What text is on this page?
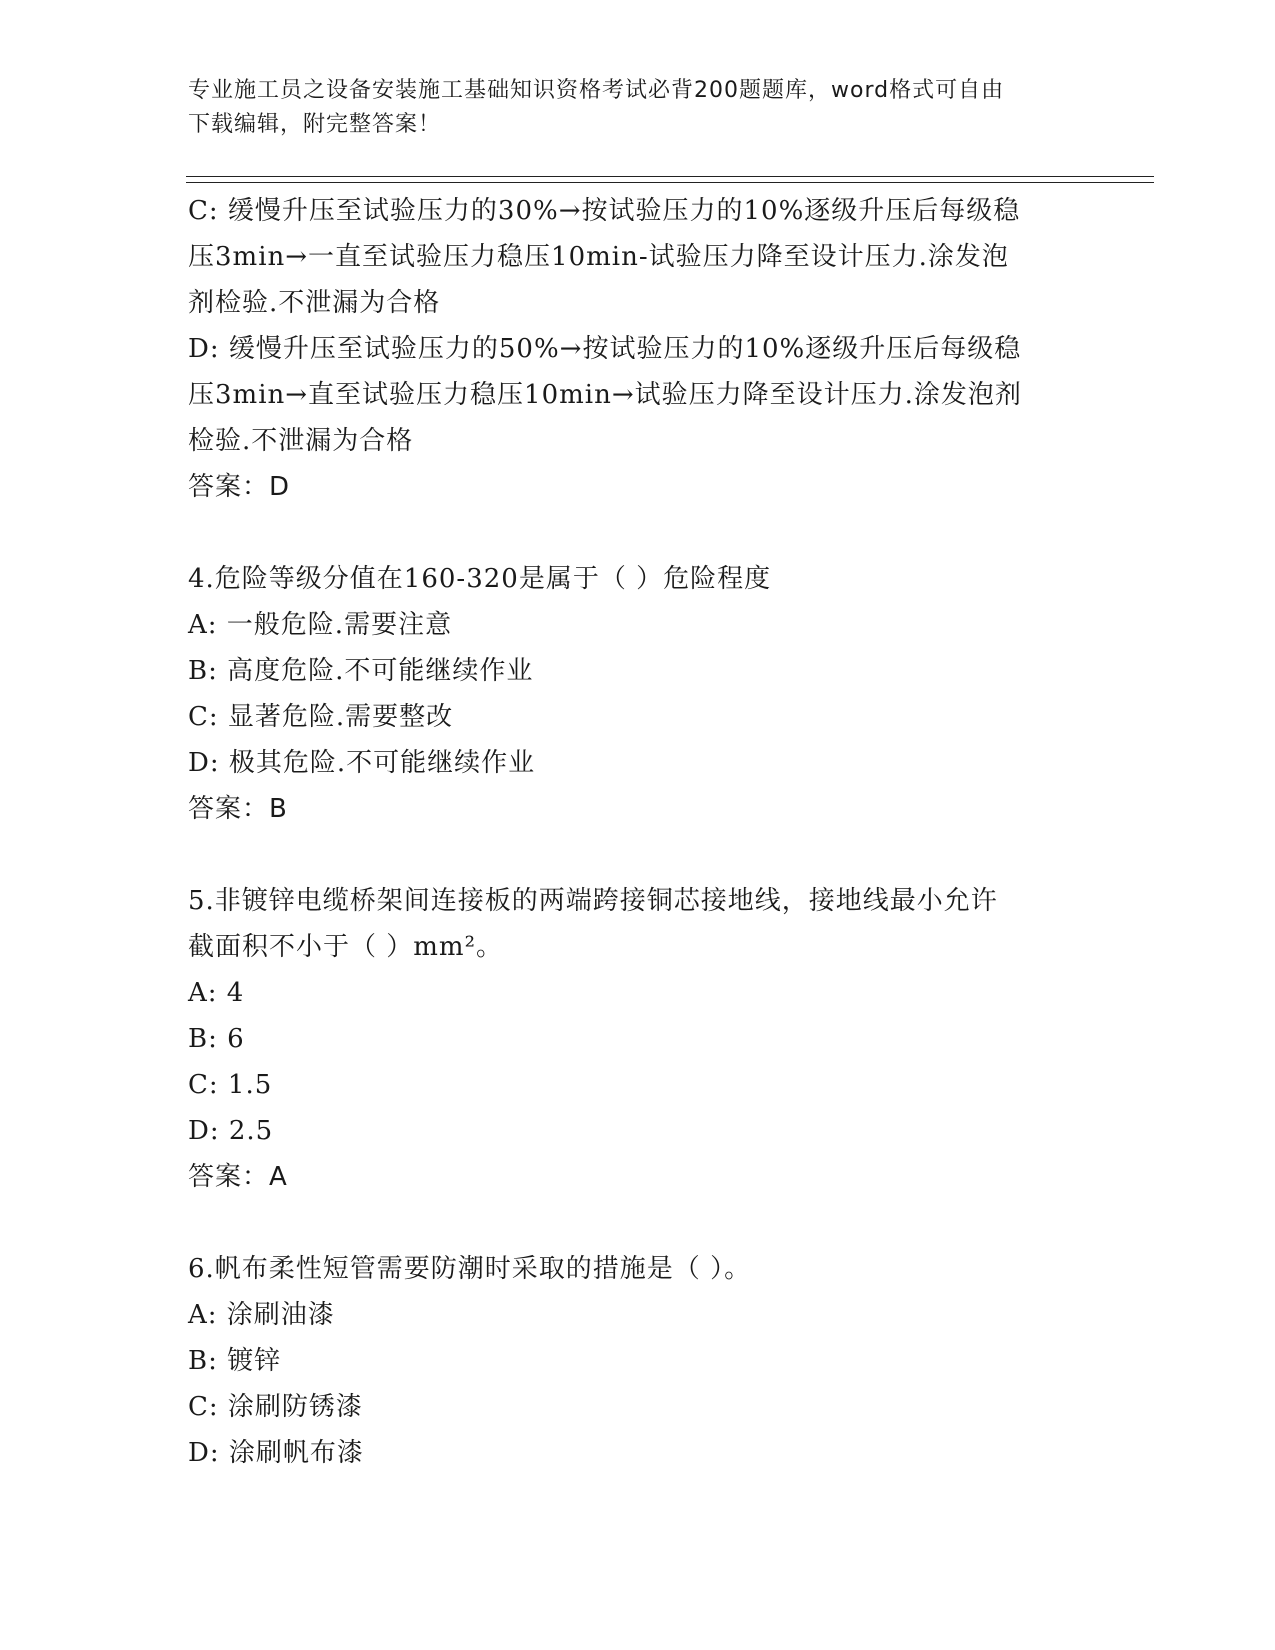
专业施工员之设备安装施工基础知识资格考试必背200题题库，word格式可自由
下载编辑，附完整答案！
C: 缓慢升压至试验压力的30%→按试验压力的10%逐级升压后每级稳
压3min→一直至试验压力稳压10min-试验压力降至设计压力.涂发泡
剂检验.不泄漏为合格
D: 缓慢升压至试验压力的50%→按试验压力的10%逐级升压后每级稳
压3min→直至试验压力稳压10min→试验压力降至设计压力.涂发泡剂
检验.不泄漏为合格
答案：D
4.危险等级分值在160-320是属于（ ）危险程度
A: 一般危险.需要注意
B: 高度危险.不可能继续作业
C: 显著危险.需要整改
D: 极其危险.不可能继续作业
答案：B
5.非镀锌电缆桥架间连接板的两端跨接铜芯接地线，接地线最小允许
截面积不小于（ ）mm²。
A: 4
B: 6
C: 1.5
D: 2.5
答案：A
6.帆布柔性短管需要防潮时采取的措施是（ ）。
A: 涂刷油漆
B: 镀锌
C: 涂刷防锈漆
D: 涂刷帆布漆
